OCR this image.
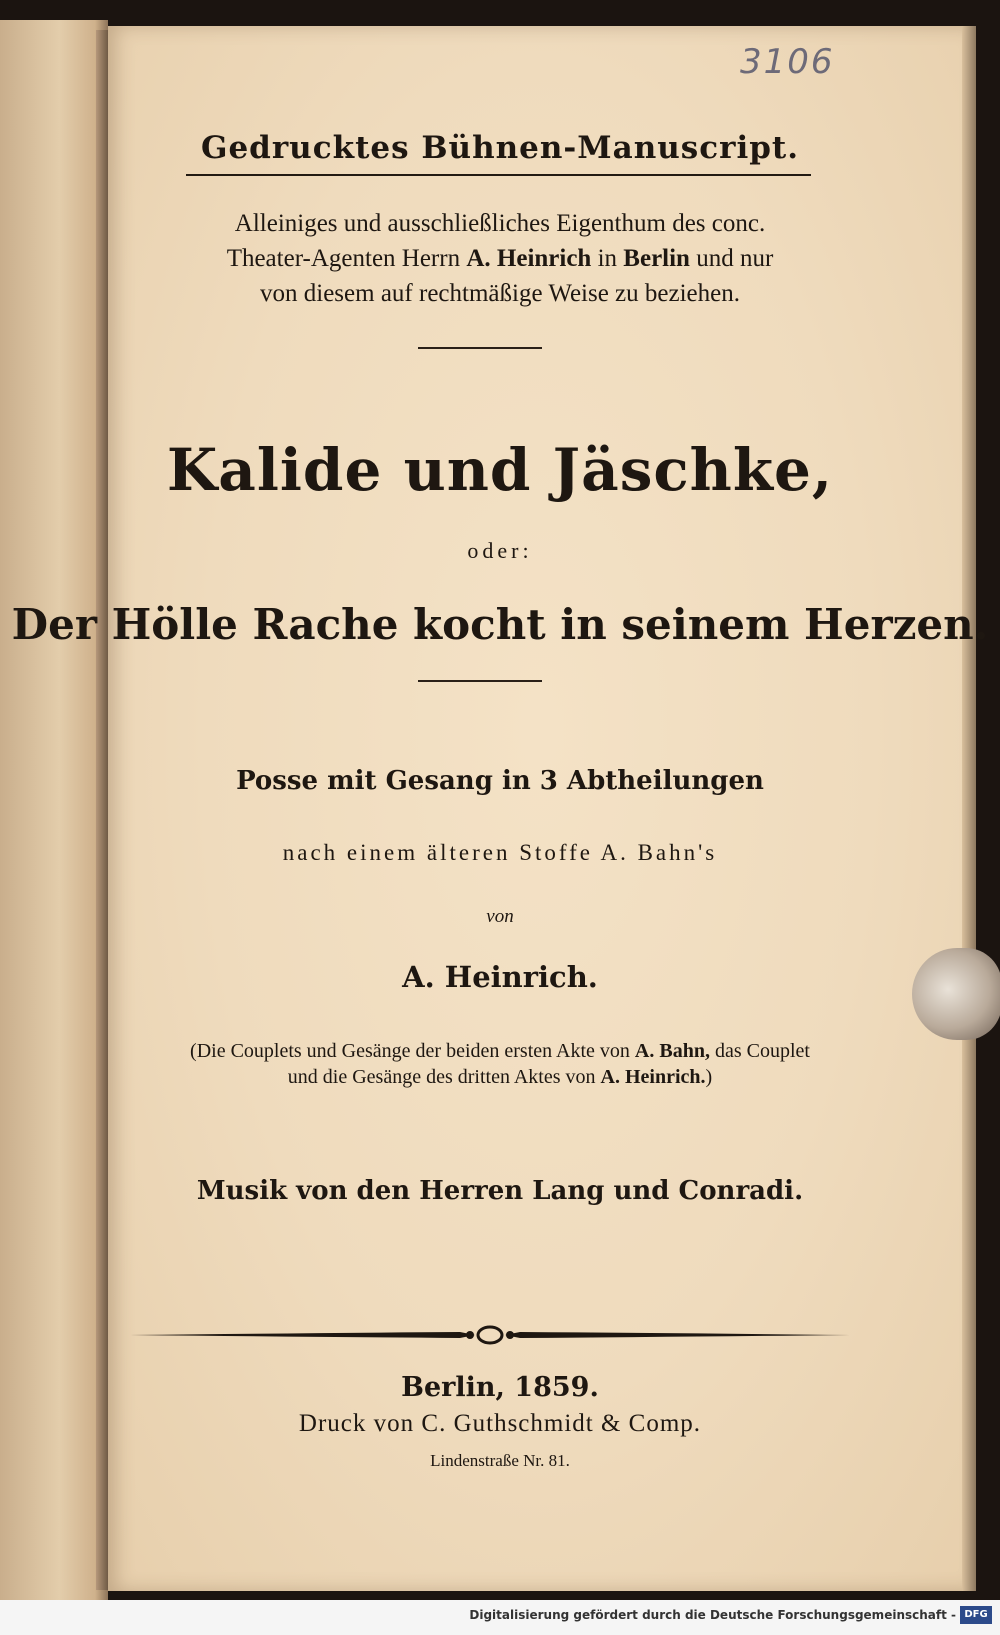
3106
Gedrucktes Bühnen-Manuscript.
Alleiniges und ausschließliches Eigenthum des conc.
Theater-Agenten Herrn A. Heinrich in Berlin und nur
von diesem auf rechtmäßige Weise zu beziehen.
Kalide und Jäschke,
oder:
Der Hölle Rache kocht in seinem Herzen.
Posse mit Gesang in 3 Abtheilungen
nach einem älteren Stoffe A. Bahn's
von
A. Heinrich.
(Die Couplets und Gesänge der beiden ersten Akte von A. Bahn, das Couplet
und die Gesänge des dritten Aktes von A. Heinrich.)
Musik von den Herren Lang und Conradi.
Berlin, 1859.
Druck von C. Guthschmidt & Comp.
Lindenstraße Nr. 81.
Digitalisierung gefördert durch die Deutsche Forschungsgemeinschaft - DFG
